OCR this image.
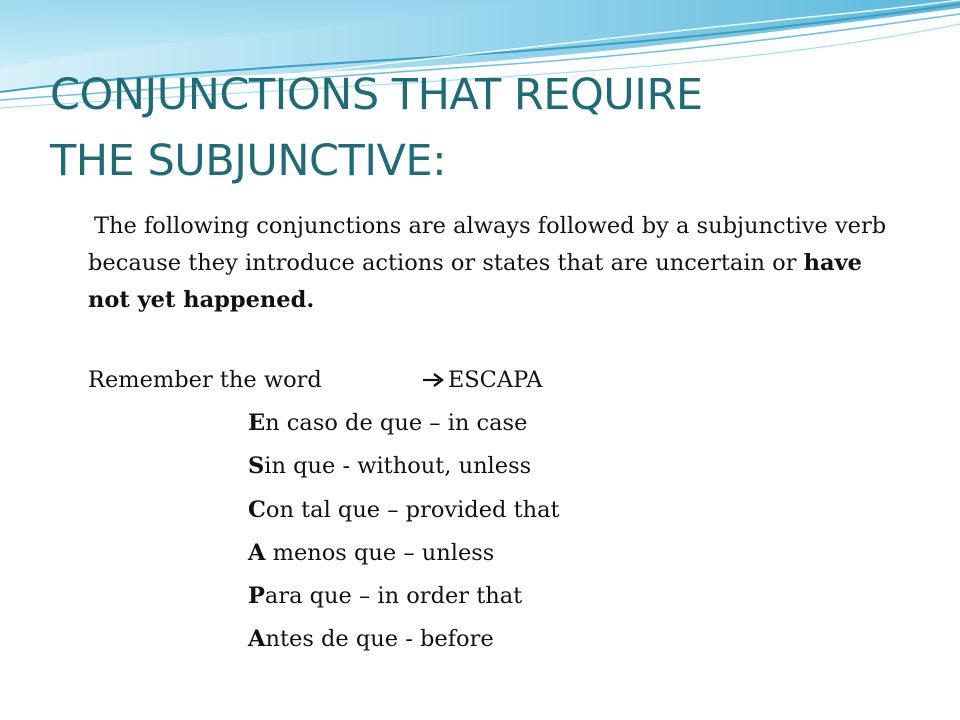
CONJUNCTIONS THAT REQUIRE
THE SUBJUNCTIVE:

The following conjunctions are always followed by a subjunctive verb because they introduce actions or states that are uncertain or have not yet happened.

Remember the word	ESCAPA
En caso de que – in case
Sin que - without, unless
Con tal que – provided that
A menos que – unless
Para que – in order that
Antes de que - before
